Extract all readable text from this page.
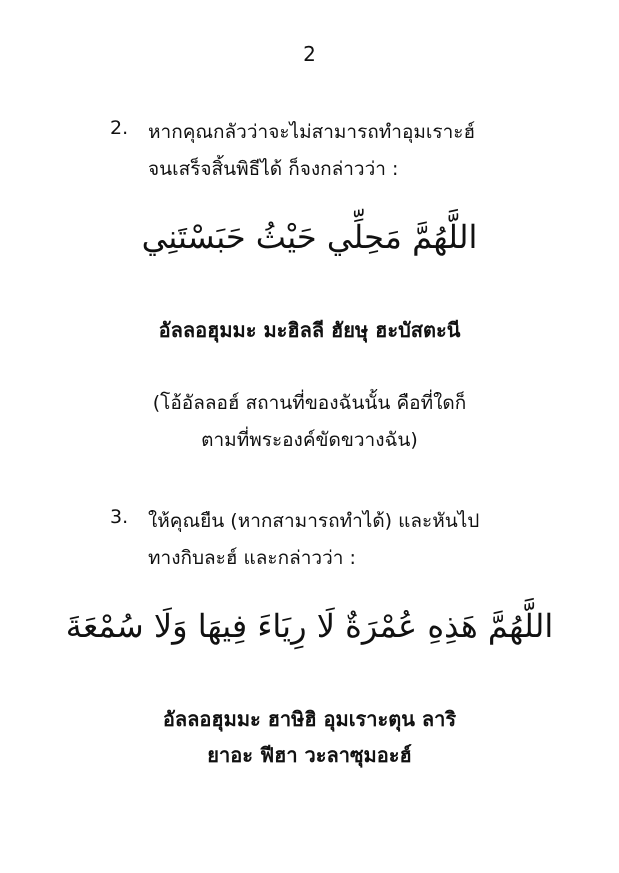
2
2. หากคุณกลัวว่าจะไม่สามารถทำอุมเราะฮ์
จนเสร็จสิ้นพิธีได้ ก็จงกล่าวว่า :
اللَّهُمَّ مَحِلِّي حَيْثُ حَبَسْتَنِي
อัลลอฮุมมะ มะฮิลลี ฮัยษุ ฮะบัสตะนี
(โอ้อัลลอฮ์ สถานที่ของฉันนั้น คือที่ใดก็
ตามที่พระองค์ขัดขวางฉัน)
3. ให้คุณยืน (หากสามารถทำได้) และหันไป
ทางกิบละฮ์ และกล่าวว่า :
اللَّهُمَّ هَذِهِ عُمْرَةٌ لَا رِيَاءَ فِيهَا وَلَا سُمْعَةَ
อัลลอฮุมมะ ฮาษิฮิ อุมเราะตุน ลาริ
ยาอะ ฟีฮา วะลาซุมอะฮ์
